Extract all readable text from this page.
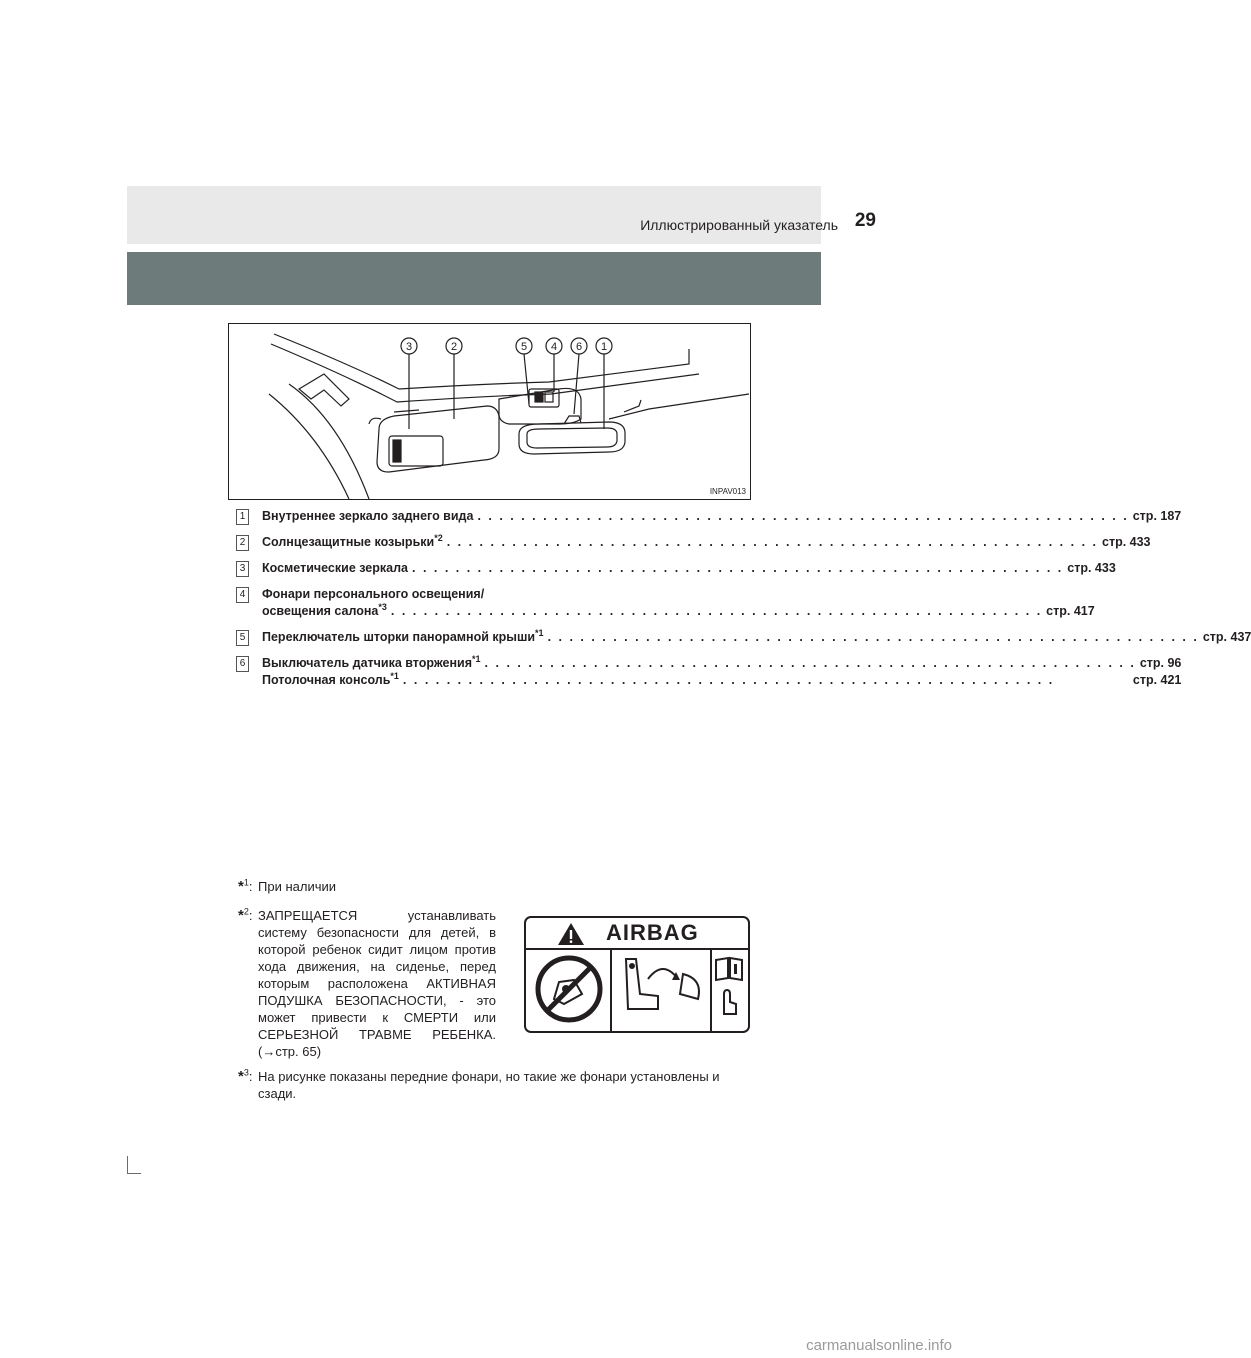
Иллюстрированный указатель 29
3	2	5 4 6 1
INPAV013
1 Внутреннее зеркало заднего вида . . . . . . . . . . . . . . . . . . . . . . . . . . . . . . . . . . . . . . . . . . . . . . . . . . . . . . . . . . . . стр. 187
2 Солнцезащитные козырьки$^{*2}$ . . . . . . . . . . . . . . . . . . . . . . . . . . . . . . . . . . . . . . . . . . . . . . . . . . . . . . . . . . . . стр. 433
3 Косметические зеркала . . . . . . . . . . . . . . . . . . . . . . . . . . . . . . . . . . . . . . . . . . . . . . . . . . . . . . . . . . . . стр. 433
4 Фонари персонального освещения/
освещения салона$^{*3}$ . . . . . . . . . . . . . . . . . . . . . . . . . . . . . . . . . . . . . . . . . . . . . . . . . . . . . . . . . . . . стр. 417
5 Переключатель шторки панорамной крыши$^{*1}$ . . . . . . . . . . . . . . . . . . . . . . . . . . . . . . . . . . . . . . . . . . . . . . . . . . . . . . . . . . . . стр. 437
6 Выключатель датчика вторжения$^{*1}$ . . . . . . . . . . . . . . . . . . . . . . . . . . . . . . . . . . . . . . . . . . . . . . . . . . . . . . . . . . . . стр. 96
Потолочная консоль$^{*1}$ . . . . . . . . . . . . . . . . . . . . . . . . . . . . . . . . . . . . . . . . . . . . . . . . . . . . . . . . . . . .	стр. 421
*$^1$: При наличии
*$^2$: ЗАПРЕЩАЕТСЯ устанавливать систему безопасности для детей, в которой ребенок сидит лицом против хода движения, на сиденье, перед которым расположена АКТИВНАЯ ПОДУШКА БЕЗОПАСНОСТИ, - это может привести к СМЕРТИ или СЕРЬЕЗНОЙ ТРАВМЕ РЕБЕНКА. (→стр. 65)
*$^3$: На рисунке показаны передние фонари, но такие же фонари установлены и сзади.
AIRBAG
carmanualsonline.info
